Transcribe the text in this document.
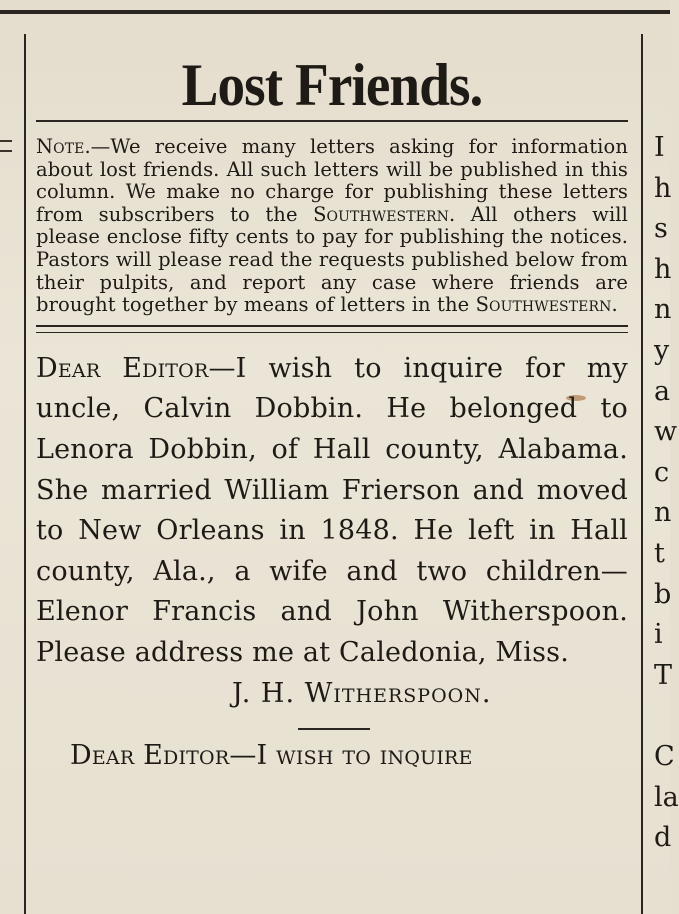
Lost Friends.

Note.—We receive many letters asking for information about lost friends. All such letters will be published in this column. We make no charge for publishing these letters from subscribers to the Southwestern. All others will please enclose fifty cents to pay for publishing the notices. Pastors will please read the requests published below from their pulpits, and report any case where friends are brought together by means of letters in the Southwestern.

Dear Editor—I wish to inquire for my uncle, Calvin Dobbin. He belonged to Lenora Dobbin, of Hall county, Alabama. She married William Frierson and moved to New Orleans in 1848. He left in Hall county, Ala., a wife and two children—Elenor Francis and John Witherspoon. Please address me at Caledonia, Miss.

J. H. Witherspoon.

Dear Editor—I wish to inquire

I
h
s
h
n
y
a
w
c
n
t
b
i
T
C
la
d
